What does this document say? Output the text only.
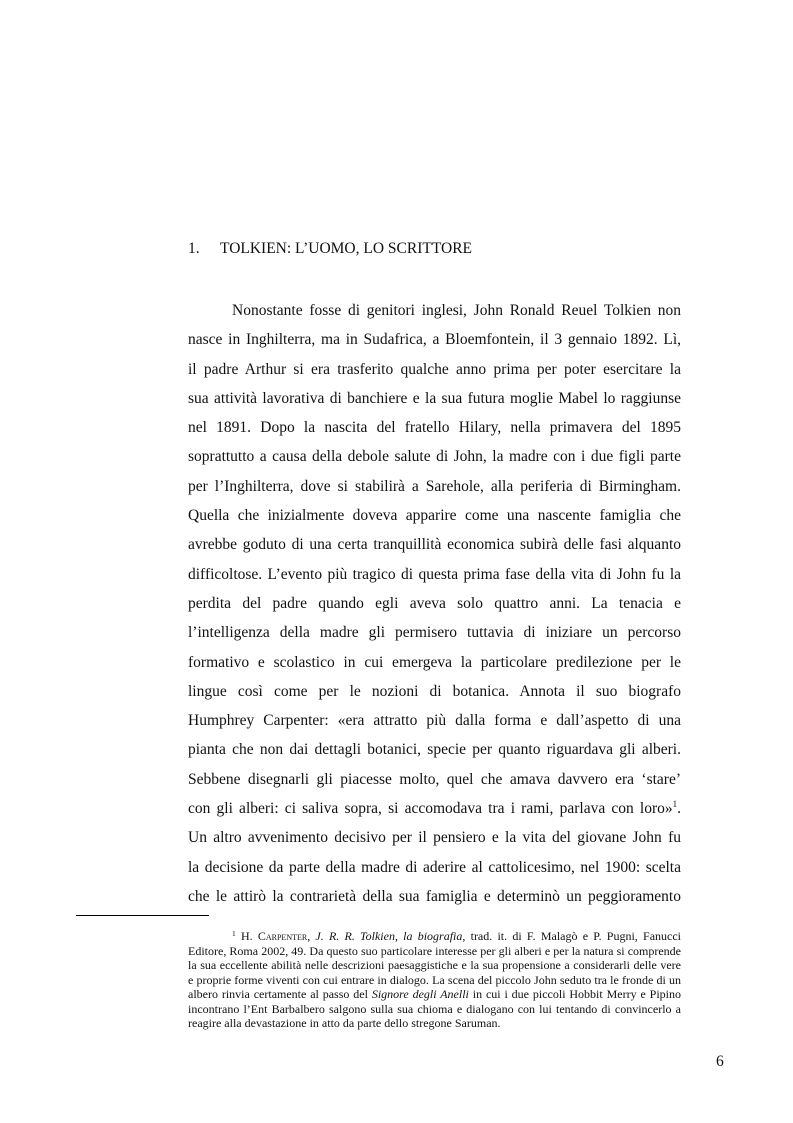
1. TOLKIEN: L’UOMO, LO SCRITTORE
Nonostante fosse di genitori inglesi, John Ronald Reuel Tolkien non
nasce in Inghilterra, ma in Sudafrica, a Bloemfontein, il 3 gennaio 1892. Lì,
il padre Arthur si era trasferito qualche anno prima per poter esercitare la
sua attività lavorativa di banchiere e la sua futura moglie Mabel lo raggiunse
nel 1891. Dopo la nascita del fratello Hilary, nella primavera del 1895
soprattutto a causa della debole salute di John, la madre con i due figli parte
per l’Inghilterra, dove si stabilirà a Sarehole, alla periferia di Birmingham.
Quella che inizialmente doveva apparire come una nascente famiglia che
avrebbe goduto di una certa tranquillità economica subirà delle fasi alquanto
difficoltose. L’evento più tragico di questa prima fase della vita di John fu la
perdita del padre quando egli aveva solo quattro anni. La tenacia e
l’intelligenza della madre gli permisero tuttavia di iniziare un percorso
formativo e scolastico in cui emergeva la particolare predilezione per le
lingue così come per le nozioni di botanica. Annota il suo biografo
Humphrey Carpenter: «era attratto più dalla forma e dall’aspetto di una
pianta che non dai dettagli botanici, specie per quanto riguardava gli alberi.
Sebbene disegnarli gli piacesse molto, quel che amava davvero era ‘stare’
con gli alberi: ci saliva sopra, si accomodava tra i rami, parlava con loro»$^1$.
Un altro avvenimento decisivo per il pensiero e la vita del giovane John fu
la decisione da parte della madre di aderire al cattolicesimo, nel 1900: scelta
che le attirò la contrarietà della sua famiglia e determinò un peggioramento
$^1$ H. Carpenter, J. R. R. Tolkien, la biografia, trad. it. di F. Malagò e P. Pugni, Fanucci Editore, Roma 2002, 49. Da questo suo particolare interesse per gli alberi e per la natura si comprende la sua eccellente abilità nelle descrizioni paesaggistiche e la sua propensione a considerarli delle vere e proprie forme viventi con cui entrare in dialogo. La scena del piccolo John seduto tra le fronde di un albero rinvia certamente al passo del Signore degli Anelli in cui i due piccoli Hobbit Merry e Pipino incontrano l’Ent Barbalbero salgono sulla sua chioma e dialogano con lui tentando di convincerlo a reagire alla devastazione in atto da parte dello stregone Saruman.
6
